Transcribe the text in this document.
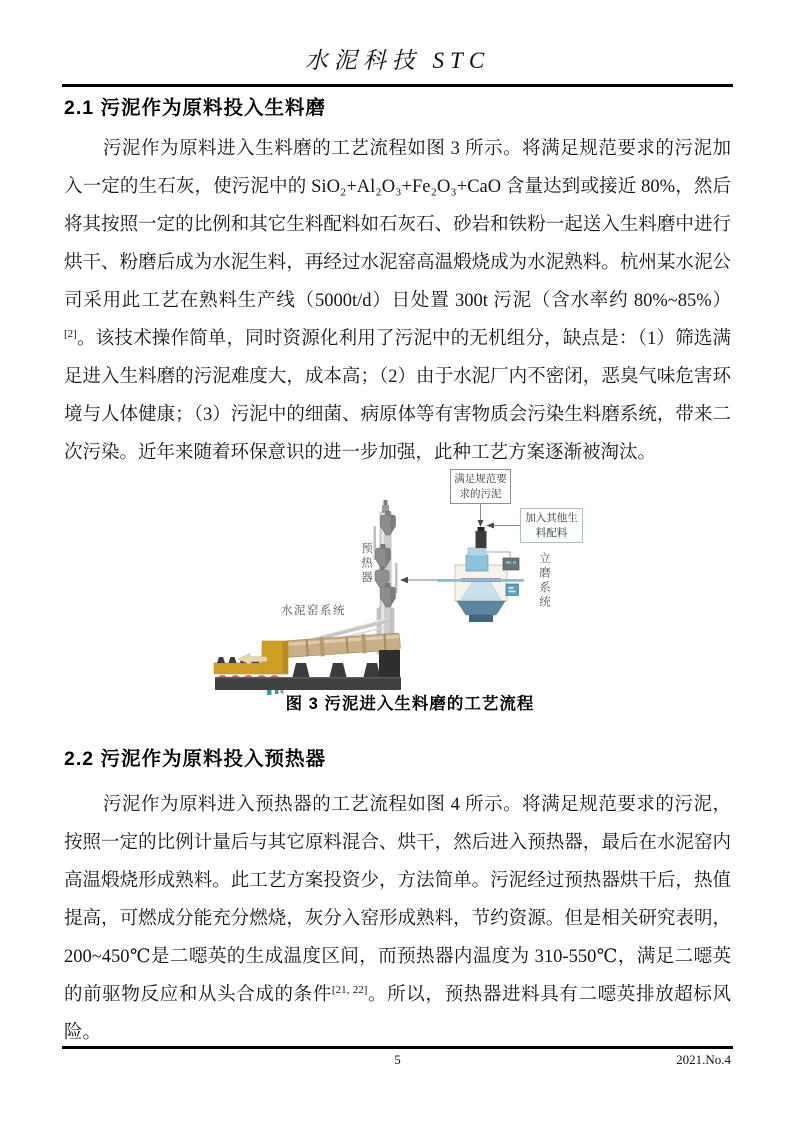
水泥科技 STC
2.1 污泥作为原料投入生料磨

污泥作为原料进入生料磨的工艺流程如图 3 所示。将满足规范要求的污泥加入一定的生石灰，使污泥中的 SiO₂+Al₂O₃+Fe₂O₃+CaO 含量达到或接近 80%，然后将其按照一定的比例和其它生料配料如石灰石、砂岩和铁粉一起送入生料磨中进行烘干、粉磨后成为水泥生料，再经过水泥窑高温煅烧成为水泥熟料。杭州某水泥公司采用此工艺在熟料生产线（5000t/d）日处置 300t 污泥（含水率约 80%~85%）[2]。该技术操作简单，同时资源化利用了污泥中的无机组分，缺点是：（1）筛选满足进入生料磨的污泥难度大，成本高；（2）由于水泥厂内不密闭，恶臭气味危害环境与人体健康；（3）污泥中的细菌、病原体等有害物质会污染生料磨系统，带来二次污染。近年来随着环保意识的进一步加强，此种工艺方案逐渐被淘汰。

满足规范要
求的污泥
加入其他生
料配料
预热器	立磨系统
水泥窑系统
图 3 污泥进入生料磨的工艺流程
2.2 污泥作为原料投入预热器

污泥作为原料进入预热器的工艺流程如图 4 所示。将满足规范要求的污泥，按照一定的比例计量后与其它原料混合、烘干，然后进入预热器，最后在水泥窑内高温煅烧形成熟料。此工艺方案投资少，方法简单。污泥经过预热器烘干后，热值提高，可燃成分能充分燃烧，灰分入窑形成熟料，节约资源。但是相关研究表明，200~450℃是二噁英的生成温度区间，而预热器内温度为 310-550℃，满足二噁英的前驱物反应和从头合成的条件[21, 22]。所以，预热器进料具有二噁英排放超标风险。

5	2021.No.4
